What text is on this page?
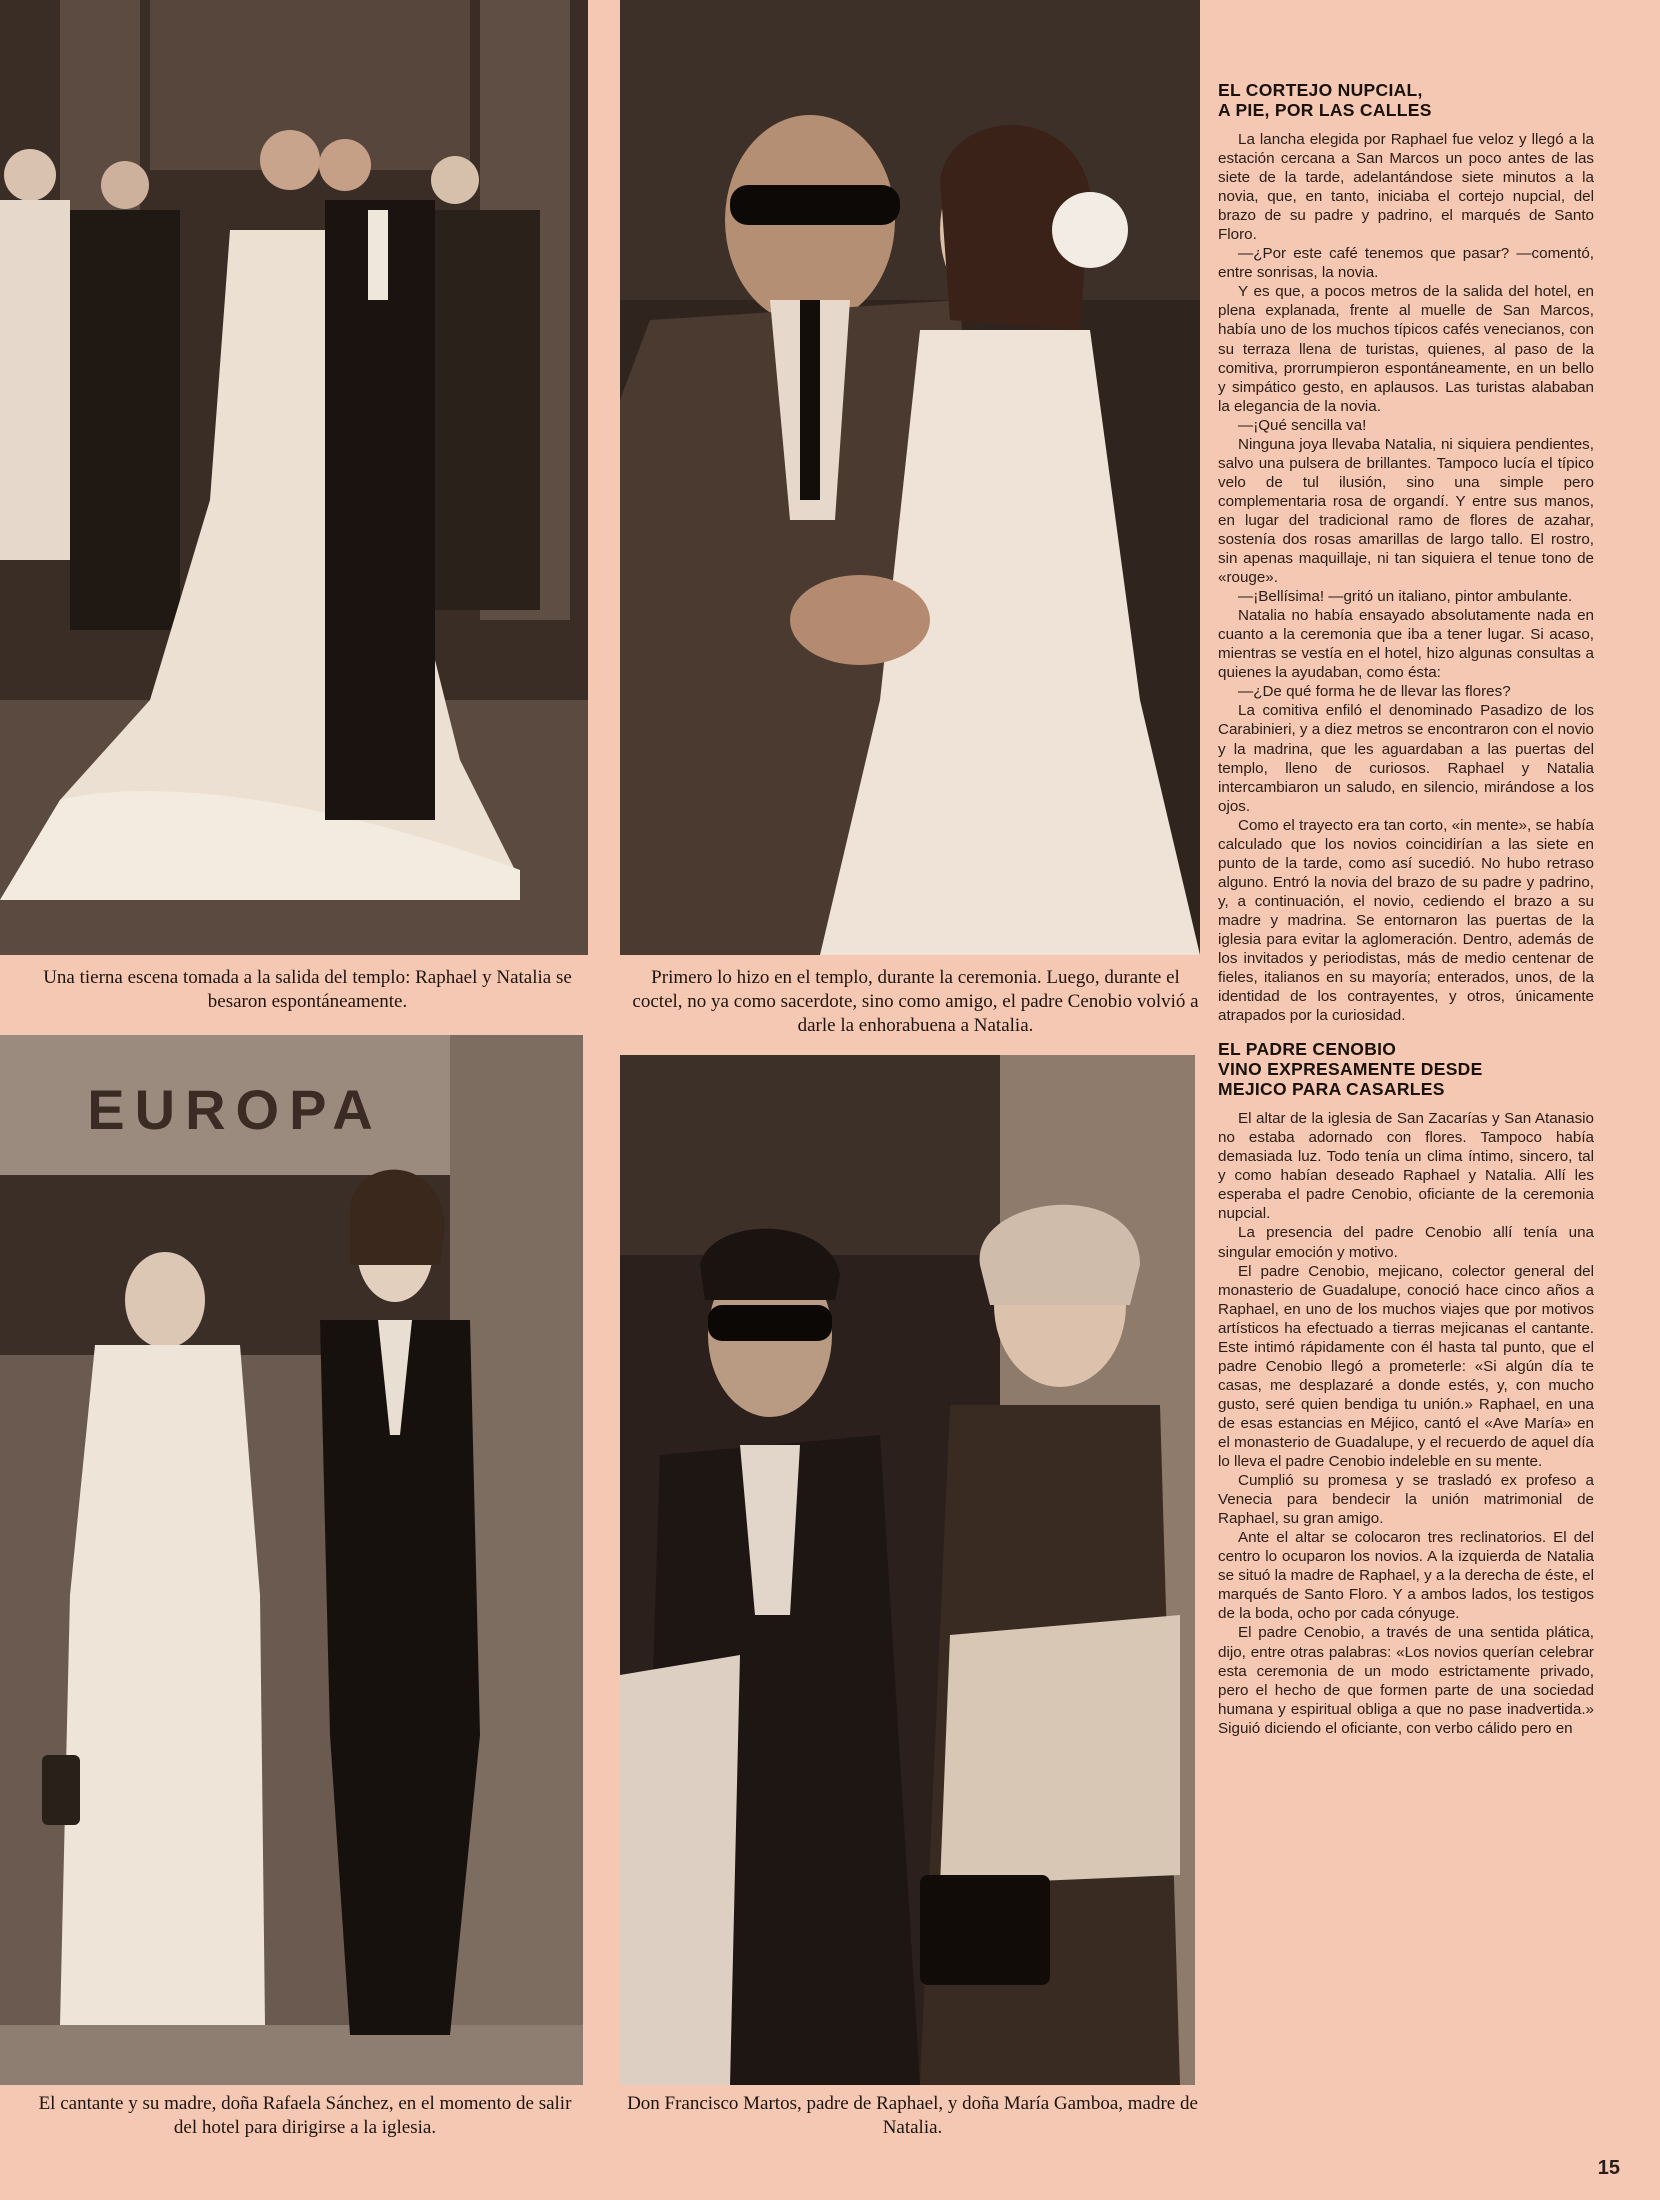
Una tierna escena tomada a la salida del templo: Raphael y Natalia se besaron espontáneamente.

Primero lo hizo en el templo, durante la ceremonia. Luego, durante el coctel, no ya como sacerdote, sino como amigo, el padre Cenobio volvió a darle la enhorabuena a Natalia.

EUROPA

El cantante y su madre, doña Rafaela Sánchez, en el momento de salir del hotel para dirigirse a la iglesia.

Don Francisco Martos, padre de Raphael, y doña María Gamboa, madre de Natalia.

EL CORTEJO NUPCIAL,
A PIE, POR LAS CALLES

La lancha elegida por Raphael fue veloz y llegó a la estación cercana a San Marcos un poco antes de las siete de la tarde, adelantándose siete minutos a la novia, que, en tanto, iniciaba el cortejo nupcial, del brazo de su padre y padrino, el marqués de Santo Floro.

—¿Por este café tenemos que pasar? —comentó, entre sonrisas, la novia.

Y es que, a pocos metros de la salida del hotel, en plena explanada, frente al muelle de San Marcos, había uno de los muchos típicos cafés venecianos, con su terraza llena de turistas, quienes, al paso de la comitiva, prorrumpieron espontáneamente, en un bello y simpático gesto, en aplausos. Las turistas alababan la elegancia de la novia.

—¡Qué sencilla va!

Ninguna joya llevaba Natalia, ni siquiera pendientes, salvo una pulsera de brillantes. Tampoco lucía el típico velo de tul ilusión, sino una simple pero complementaria rosa de organdí. Y entre sus manos, en lugar del tradicional ramo de flores de azahar, sostenía dos rosas amarillas de largo tallo. El rostro, sin apenas maquillaje, ni tan siquiera el tenue tono de «rouge».

—¡Bellísima! —gritó un italiano, pintor ambulante.

Natalia no había ensayado absolutamente nada en cuanto a la ceremonia que iba a tener lugar. Si acaso, mientras se vestía en el hotel, hizo algunas consultas a quienes la ayudaban, como ésta:

—¿De qué forma he de llevar las flores?

La comitiva enfiló el denominado Pasadizo de los Carabinieri, y a diez metros se encontraron con el novio y la madrina, que les aguardaban a las puertas del templo, lleno de curiosos. Raphael y Natalia intercambiaron un saludo, en silencio, mirándose a los ojos.

Como el trayecto era tan corto, «in mente», se había calculado que los novios coincidirían a las siete en punto de la tarde, como así sucedió. No hubo retraso alguno. Entró la novia del brazo de su padre y padrino, y, a continuación, el novio, cediendo el brazo a su madre y madrina. Se entornaron las puertas de la iglesia para evitar la aglomeración. Dentro, además de los invitados y periodistas, más de medio centenar de fieles, italianos en su mayoría; enterados, unos, de la identidad de los contrayentes, y otros, únicamente atrapados por la curiosidad.

EL PADRE CENOBIO
VINO EXPRESAMENTE DESDE
MEJICO PARA CASARLES

El altar de la iglesia de San Zacarías y San Atanasio no estaba adornado con flores. Tampoco había demasiada luz. Todo tenía un clima íntimo, sincero, tal y como habían deseado Raphael y Natalia. Allí les esperaba el padre Cenobio, oficiante de la ceremonia nupcial.

La presencia del padre Cenobio allí tenía una singular emoción y motivo.

El padre Cenobio, mejicano, colector general del monasterio de Guadalupe, conoció hace cinco años a Raphael, en uno de los muchos viajes que por motivos artísticos ha efectuado a tierras mejicanas el cantante. Este intimó rápidamente con él hasta tal punto, que el padre Cenobio llegó a prometerle: «Si algún día te casas, me desplazaré a donde estés, y, con mucho gusto, seré quien bendiga tu unión.» Raphael, en una de esas estancias en Méjico, cantó el «Ave María» en el monasterio de Guadalupe, y el recuerdo de aquel día lo lleva el padre Cenobio indeleble en su mente.

Cumplió su promesa y se trasladó ex profeso a Venecia para bendecir la unión matrimonial de Raphael, su gran amigo.

Ante el altar se colocaron tres reclinatorios. El del centro lo ocuparon los novios. A la izquierda de Natalia se situó la madre de Raphael, y a la derecha de éste, el marqués de Santo Floro. Y a ambos lados, los testigos de la boda, ocho por cada cónyuge.

El padre Cenobio, a través de una sentida plática, dijo, entre otras palabras: «Los novios querían celebrar esta ceremonia de un modo estrictamente privado, pero el hecho de que formen parte de una sociedad humana y espiritual obliga a que no pase inadvertida.» Siguió diciendo el oficiante, con verbo cálido pero en

15
